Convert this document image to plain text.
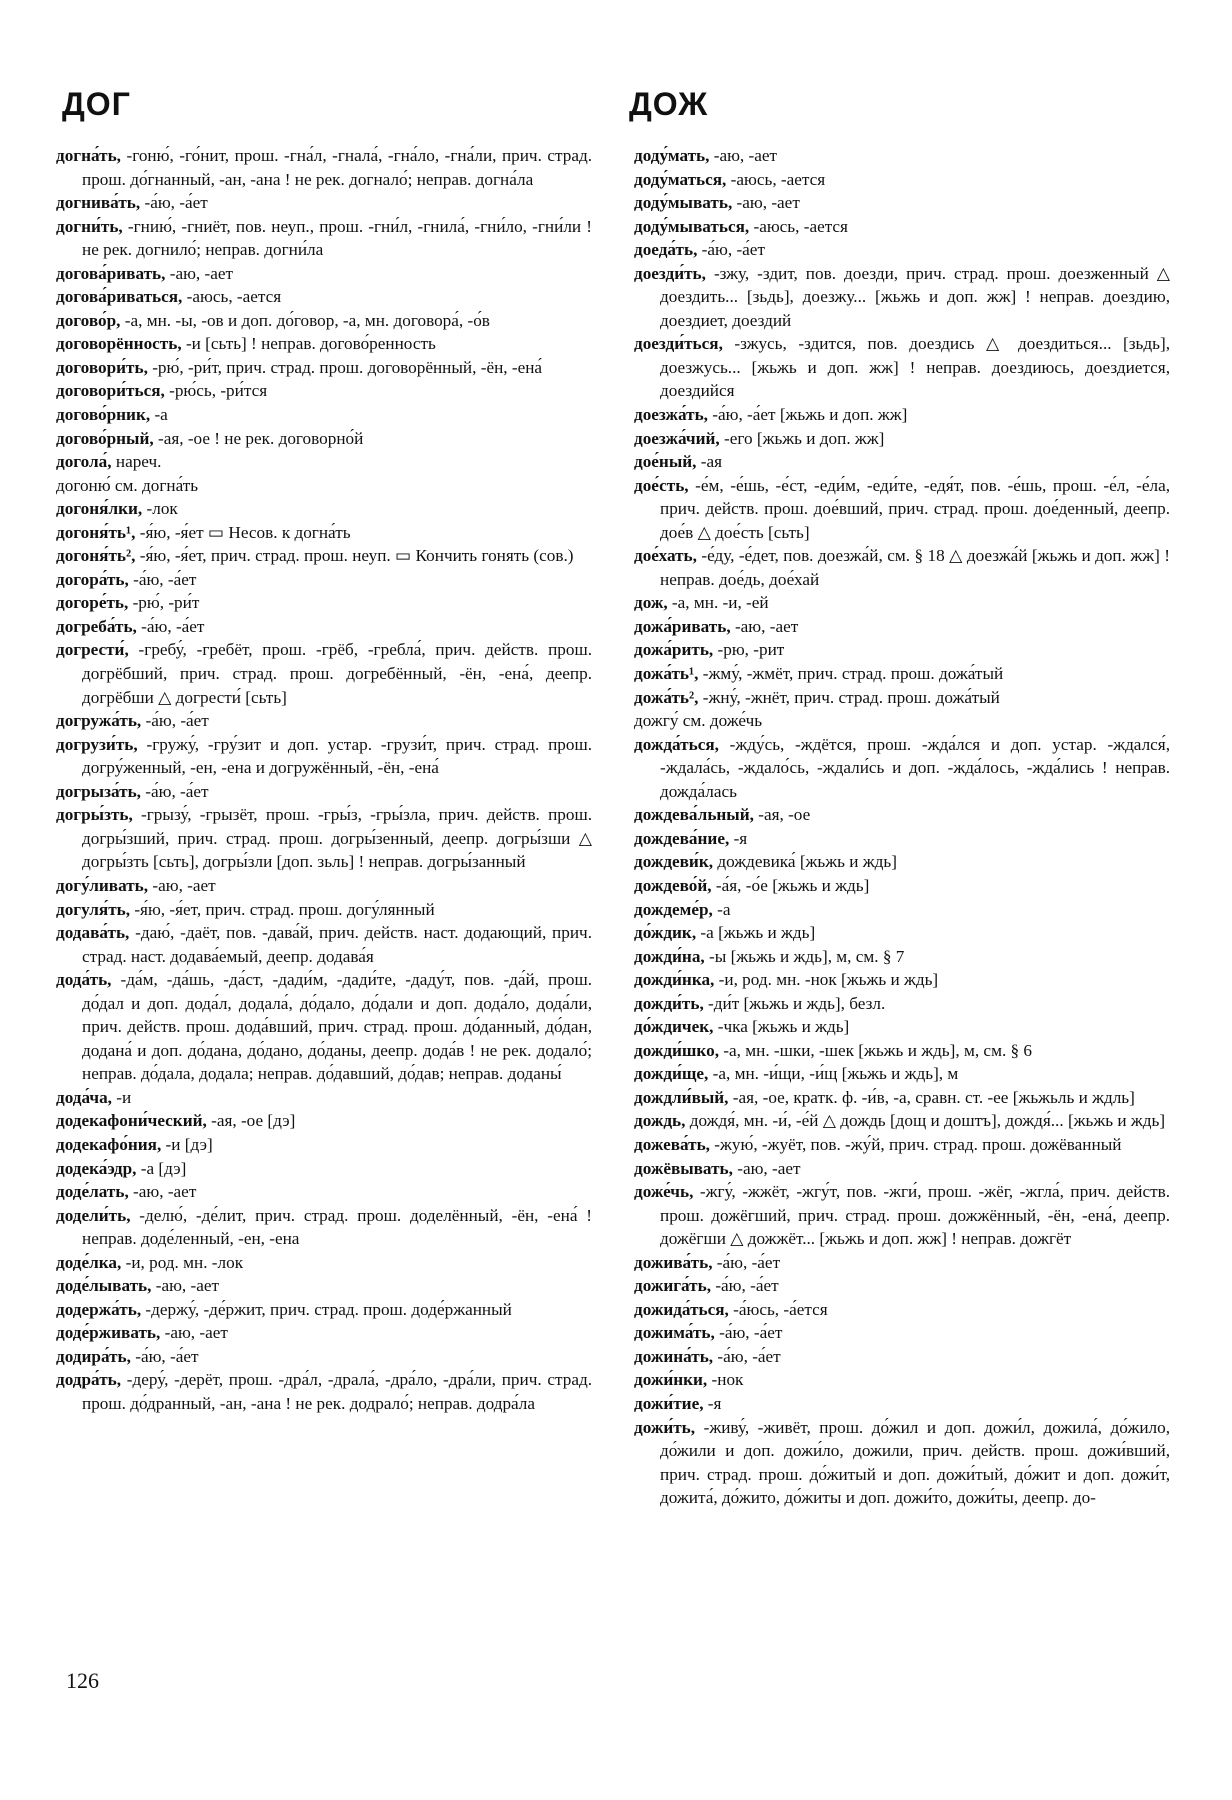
ДОГ	ДОЖ

догна́ть, -гоню́, -го́нит, прош. -гна́л, -гнала́, -гна́ло, -гна́ли, прич. страд. прош. до́гнанный, -ан, -ана ! не рек. догнало́; неправ. догна́ла

догнива́ть, -а́ю, -а́ет

догни́ть, -гнию́, -гниёт, пов. неуп., прош. -гни́л, -гнила́, -гни́ло, -гни́ли ! не рек. догнило́; неправ. догни́ла

догова́ривать, -аю, -ает

догова́риваться, -аюсь, -ается

догово́р, -а, мн. -ы, -ов и доп. до́говор, -а, мн. договора́, -о́в

договорённость, -и [сьть] ! неправ. догово́ренность

договори́ть, -рю́, -ри́т, прич. страд. прош. договорённый, -ён, -ена́

договори́ться, -рю́сь, -ри́тся

догово́рник, -а

догово́рный, -ая, -ое ! не рек. договорно́й

догола́, нареч.

догоню́ см. догна́ть

догоня́лки, -лок

догоня́ть¹, -я́ю, -я́ет ▭ Несов. к догна́ть

догоня́ть², -я́ю, -я́ет, прич. страд. прош. неуп. ▭ Кончить гонять (сов.)

догора́ть, -а́ю, -а́ет

догоре́ть, -рю́, -ри́т

догреба́ть, -а́ю, -а́ет

догрести́, -гребу́, -гребёт, прош. -грёб, -гребла́, прич. действ. прош. догрёбший, прич. страд. прош. догребённый, -ён, -ена́, деепр. догрёбши △ догрести́ [сьть]

догружа́ть, -а́ю, -а́ет

догрузи́ть, -гружу́, -гру́зит и доп. устар. -грузи́т, прич. страд. прош. догру́женный, -ен, -ена и догружённый, -ён, -ена́

догрыза́ть, -а́ю, -а́ет

догры́зть, -грызу́, -грызёт, прош. -гры́з, -гры́зла, прич. действ. прош. догры́зший, прич. страд. прош. догры́зенный, деепр. догры́зши △ догры́зть [сьть], догры́зли [доп. зьль] ! неправ. догры́занный

догу́ливать, -аю, -ает

догуля́ть, -я́ю, -я́ет, прич. страд. прош. догу́лянный

додава́ть, -даю́, -даёт, пов. -дава́й, прич. действ. наст. додающий, прич. страд. наст. додава́емый, деепр. додава́я

дода́ть, -да́м, -да́шь, -да́ст, -дади́м, -дади́те, -даду́т, пов. -да́й, прош. до́дал и доп. дода́л, додала́, до́дало, до́дали и доп. дода́ло, дода́ли, прич. действ. прош. дода́вший, прич. страд. прош. до́данный, до́дан, додана́ и доп. до́дана, до́дано, до́даны, деепр. дода́в ! не рек. додало́; неправ. до́дала, додала; неправ. до́давший, до́дав; неправ. доданы́

дода́ча, -и

додекафони́ческий, -ая, -ое [дэ]

додекафо́ния, -и [дэ]

додека́эдр, -а [дэ]

доде́лать, -аю, -ает

додели́ть, -делю́, -де́лит, прич. страд. прош. доделённый, -ён, -ена́ ! неправ. доде́ленный, -ен, -ена

доде́лка, -и, род. мн. -лок

доде́лывать, -аю, -ает

додержа́ть, -держу́, -де́ржит, прич. страд. прош. доде́ржанный

доде́рживать, -аю, -ает

додира́ть, -а́ю, -а́ет

додра́ть, -деру́, -дерёт, прош. -дра́л, -драла́, -дра́ло, -дра́ли, прич. страд. прош. до́дранный, -ан, -ана ! не рек. додрало́; неправ. додра́ла

доду́мать, -аю, -ает

доду́маться, -аюсь, -ается

доду́мывать, -аю, -ает

доду́мываться, -аюсь, -ается

доеда́ть, -а́ю, -а́ет

доезди́ть, -зжу, -здит, пов. доезди, прич. страд. прош. доезженный △ доездить... [зьдь], доезжу... [жьжь и доп. жж] ! неправ. доездию, доездиет, доездий

доезди́ться, -зжусь, -здится, пов. доездись △ доездиться... [зьдь], доезжусь... [жьжь и доп. жж] ! неправ. доездиюсь, доездиется, доездийся

доезжа́ть, -а́ю, -а́ет [жьжь и доп. жж]

доезжа́чий, -его [жьжь и доп. жж]

дое́ный, -ая

дое́сть, -е́м, -е́шь, -е́ст, -еди́м, -еди́те, -едя́т, пов. -е́шь, прош. -е́л, -е́ла, прич. действ. прош. дое́вший, прич. страд. прош. дое́денный, деепр. дое́в △ дое́сть [сьть]

дое́хать, -е́ду, -е́дет, пов. доезжа́й, см. § 18 △ доезжа́й [жьжь и доп. жж] ! неправ. дое́дь, дое́хай

дож, -а, мн. -и, -ей

дожа́ривать, -аю, -ает

дожа́рить, -рю, -рит

дожа́ть¹, -жму́, -жмёт, прич. страд. прош. дожа́тый

дожа́ть², -жну́, -жнёт, прич. страд. прош. дожа́тый

дожгу́ см. доже́чь

дожда́ться, -жду́сь, -ждётся, прош. -жда́лся и доп. устар. -ждался́, -ждала́сь, -ждало́сь, -ждали́сь и доп. -жда́лось, -жда́лись ! неправ. дожда́лась

дождева́льный, -ая, -ое

дождева́ние, -я

дождеви́к, дождевика́ [жьжь и ждь]

дождево́й, -а́я, -о́е [жьжь и ждь]

дождеме́р, -а

до́ждик, -а [жьжь и ждь]

дожди́на, -ы [жьжь и ждь], м, см. § 7

дожди́нка, -и, род. мн. -нок [жьжь и ждь]

дожди́ть, -ди́т [жьжь и ждь], безл.

до́ждичек, -чка [жьжь и ждь]

дожди́шко, -а, мн. -шки, -шек [жьжь и ждь], м, см. § 6

дожди́ще, -а, мн. -и́щи, -и́щ [жьжь и ждь], м

дождли́вый, -ая, -ое, кратк. ф. -и́в, -а, сравн. ст. -ее [жьжьль и ждль]

дождь, дождя́, мн. -и́, -е́й △ дождь [дощ и доштъ], дождя́... [жьжь и ждь]

дожева́ть, -жую́, -жуёт, пов. -жу́й, прич. страд. прош. дожёванный

дожёвывать, -аю, -ает

доже́чь, -жгу́, -жжёт, -жгу́т, пов. -жги́, прош. -жёг, -жгла́, прич. действ. прош. дожёгший, прич. страд. прош. дожжённый, -ён, -ена́, деепр. дожёгши △ дожжёт... [жьжь и доп. жж] ! неправ. дожгёт

дожива́ть, -а́ю, -а́ет

дожига́ть, -а́ю, -а́ет

дожида́ться, -а́юсь, -а́ется

дожима́ть, -а́ю, -а́ет

дожина́ть, -а́ю, -а́ет

дожи́нки, -нок

дожи́тие, -я

дожи́ть, -живу́, -живёт, прош. до́жил и доп. дожи́л, дожила́, до́жило, до́жили и доп. дожи́ло, дожили, прич. действ. прош. дожи́вший, прич. страд. прош. до́житый и доп. дожи́тый, до́жит и доп. дожи́т, дожита́, до́жито, до́житы и доп. дожи́то, дожи́ты, деепр. до-

126
